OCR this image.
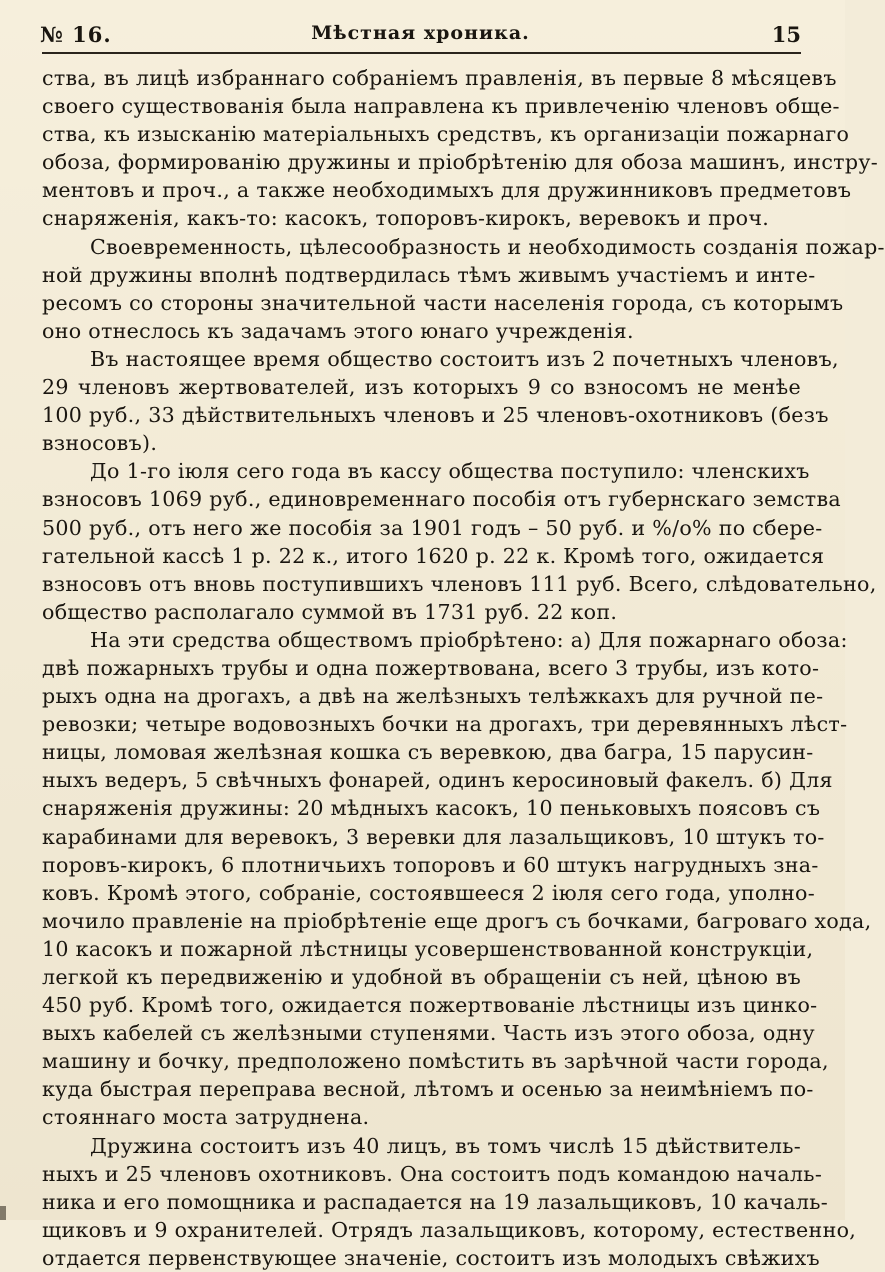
№ 16.	Мѣстная хроника.	15
ства, въ лицѣ избраннаго собраніемъ правленія, въ первые 8 мѣсяцевъ
своего существованія была направлена къ привлеченію членовъ обще-
ства, къ изысканію матеріальныхъ средствъ, къ организаціи пожарнаго
обоза, формированію дружины и пріобрѣтенію для обоза машинъ, инстру-
ментовъ и проч., а также необходимыхъ для дружинниковъ предметовъ
снаряженія, какъ-то: касокъ, топоровъ-кирокъ, веревокъ и проч.
Своевременность, цѣлесообразность и необходимость созданія пожар-
ной дружины вполнѣ подтвердилась тѣмъ живымъ участіемъ и инте-
ресомъ со стороны значительной части населенія города, съ которымъ
оно отнеслось къ задачамъ этого юнаго учрежденія.
Въ настоящее время общество состоитъ изъ 2 почетныхъ членовъ,
29 членовъ жертвователей, изъ которыхъ 9 со взносомъ не менѣе
100 руб., 33 дѣйствительныхъ членовъ и 25 членовъ-охотниковъ (безъ
взносовъ).
До 1-го іюля сего года въ кассу общества поступило: членскихъ
взносовъ 1069 руб., единовременнаго пособія отъ губернскаго земства
500 руб., отъ него же пособія за 1901 годъ – 50 руб. и %/о% по сбере-
гательной кассѣ 1 р. 22 к., итого 1620 р. 22 к. Кромѣ того, ожидается
взносовъ отъ вновь поступившихъ членовъ 111 руб. Всего, слѣдовательно,
общество располагало суммой въ 1731 руб. 22 коп.
На эти средства обществомъ пріобрѣтено: а) Для пожарнаго обоза:
двѣ пожарныхъ трубы и одна пожертвована, всего 3 трубы, изъ кото-
рыхъ одна на дрогахъ, а двѣ на желѣзныхъ телѣжкахъ для ручной пе-
ревозки; четыре водовозныхъ бочки на дрогахъ, три деревянныхъ лѣст-
ницы, ломовая желѣзная кошка съ веревкою, два багра, 15 парусин-
ныхъ ведеръ, 5 свѣчныхъ фонарей, одинъ керосиновый факелъ. б) Для
снаряженія дружины: 20 мѣдныхъ касокъ, 10 пеньковыхъ поясовъ съ
карабинами для веревокъ, 3 веревки для лазальщиковъ, 10 штукъ то-
поровъ-кирокъ, 6 плотничьихъ топоровъ и 60 штукъ нагрудныхъ зна-
ковъ. Кромѣ этого, собраніе, состоявшееся 2 іюля сего года, уполно-
мочило правленіе на пріобрѣтеніе еще дрогъ съ бочками, багроваго хода,
10 касокъ и пожарной лѣстницы усовершенствованной конструкціи,
легкой къ передвиженію и удобной въ обращеніи съ ней, цѣною въ
450 руб. Кромѣ того, ожидается пожертвованіе лѣстницы изъ цинко-
выхъ кабелей съ желѣзными ступенями. Часть изъ этого обоза, одну
машину и бочку, предположено помѣстить въ зарѣчной части города,
куда быстрая переправа весной, лѣтомъ и осенью за неимѣніемъ по-
стояннаго моста затруднена.
Дружина состоитъ изъ 40 лицъ, въ томъ числѣ 15 дѣйствитель-
ныхъ и 25 членовъ охотниковъ. Она состоитъ подъ командою началь-
ника и его помощника и распадается на 19 лазальщиковъ, 10 качаль-
щиковъ и 9 охранителей. Отрядъ лазальщиковъ, которому, естественно,
отдается первенствующее значеніе, состоитъ изъ молодыхъ свѣжихъ
